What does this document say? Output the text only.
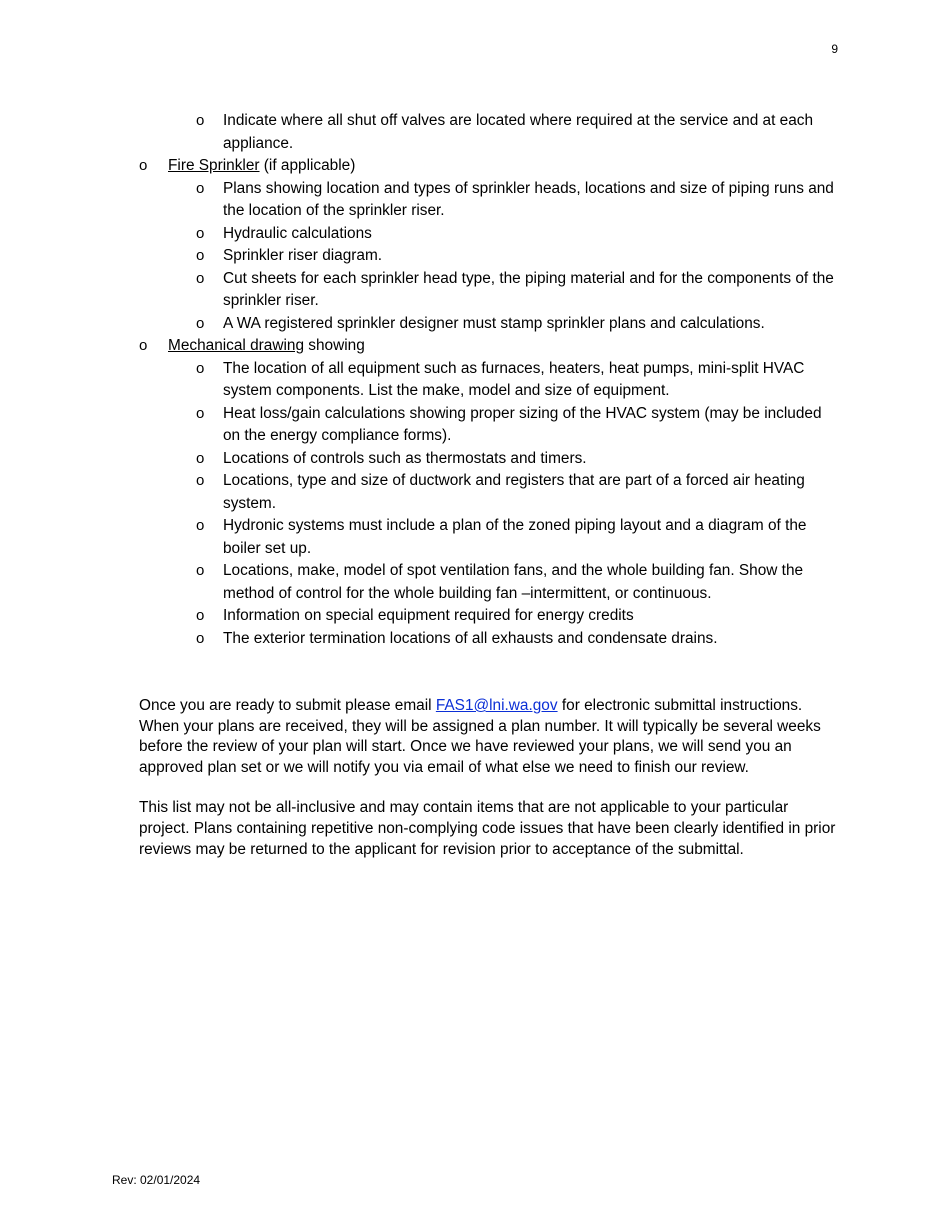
9
o Indicate where all shut off valves are located where required at the service and at each appliance.
o Fire Sprinkler (if applicable)
o Plans showing location and types of sprinkler heads, locations and size of piping runs and the location of the sprinkler riser.
o Hydraulic calculations
o Sprinkler riser diagram.
o Cut sheets for each sprinkler head type, the piping material and for the components of the sprinkler riser.
o A WA registered sprinkler designer must stamp sprinkler plans and calculations.
o Mechanical drawing showing
o The location of all equipment such as furnaces, heaters, heat pumps, mini-split HVAC system components. List the make, model and size of equipment.
o Heat loss/gain calculations showing proper sizing of the HVAC system (may be included on the energy compliance forms).
o Locations of controls such as thermostats and timers.
o Locations, type and size of ductwork and registers that are part of a forced air heating system.
o Hydronic systems must include a plan of the zoned piping layout and a diagram of the boiler set up.
o Locations, make, model of spot ventilation fans, and the whole building fan. Show the method of control for the whole building fan –intermittent, or continuous.
o Information on special equipment required for energy credits
o The exterior termination locations of all exhausts and condensate drains.

Once you are ready to submit please email FAS1@lni.wa.gov for electronic submittal instructions. When your plans are received, they will be assigned a plan number. It will typically be several weeks before the review of your plan will start. Once we have reviewed your plans, we will send you an approved plan set or we will notify you via email of what else we need to finish our review.

This list may not be all-inclusive and may contain items that are not applicable to your particular project. Plans containing repetitive non-complying code issues that have been clearly identified in prior reviews may be returned to the applicant for revision prior to acceptance of the submittal.

Rev: 02/01/2024
